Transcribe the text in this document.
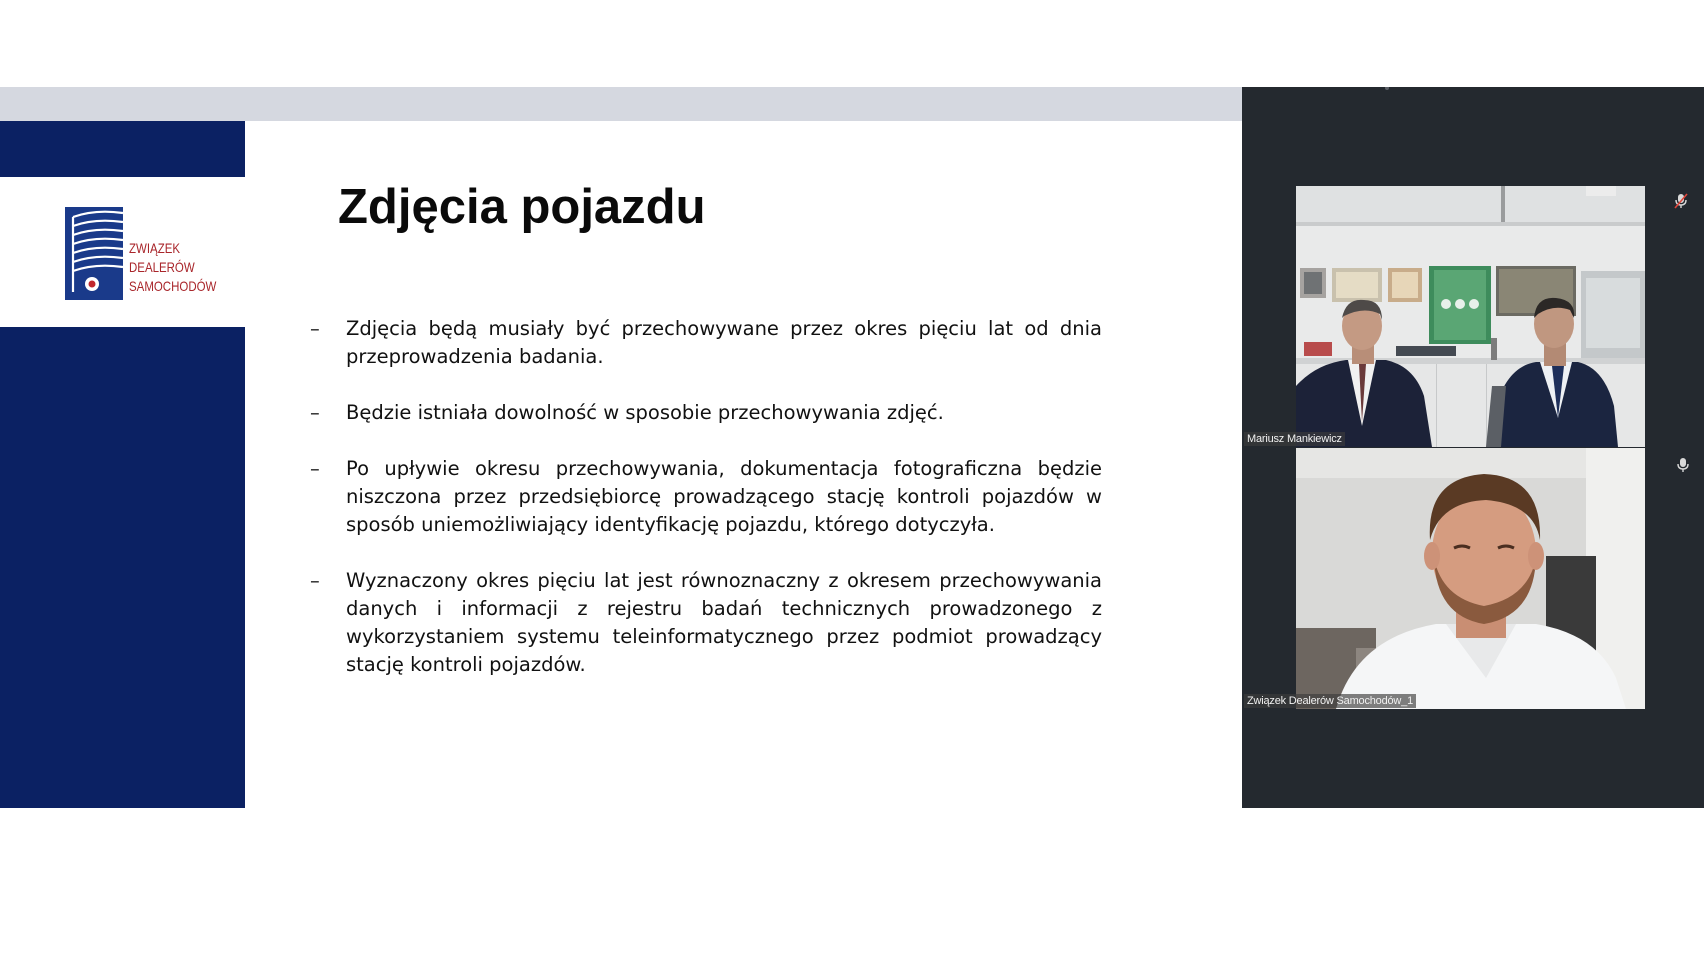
ZWIĄZEK
DEALERÓW
SAMOCHODÓW
Zdjęcia pojazdu
–	Zdjęcia będą musiały być przechowywane przez okres pięciu lat od dnia przeprowadzenia badania.
–	Będzie istniała dowolność w sposobie przechowywania zdjęć.
–	Po upływie okresu przechowywania, dokumentacja fotograficzna będzie niszczona przez przedsiębiorcę prowadzącego stację kontroli pojazdów w sposób uniemożliwiający identyfikację pojazdu, którego dotyczyła.
–	Wyznaczony okres pięciu lat jest równoznaczny z okresem przechowywania danych i informacji z rejestru badań technicznych prowadzonego z wykorzystaniem systemu teleinformatycznego przez podmiot prowadzący stację kontroli pojazdów.
Mariusz Mankiewicz
Związek Dealerów Samochodów_1
